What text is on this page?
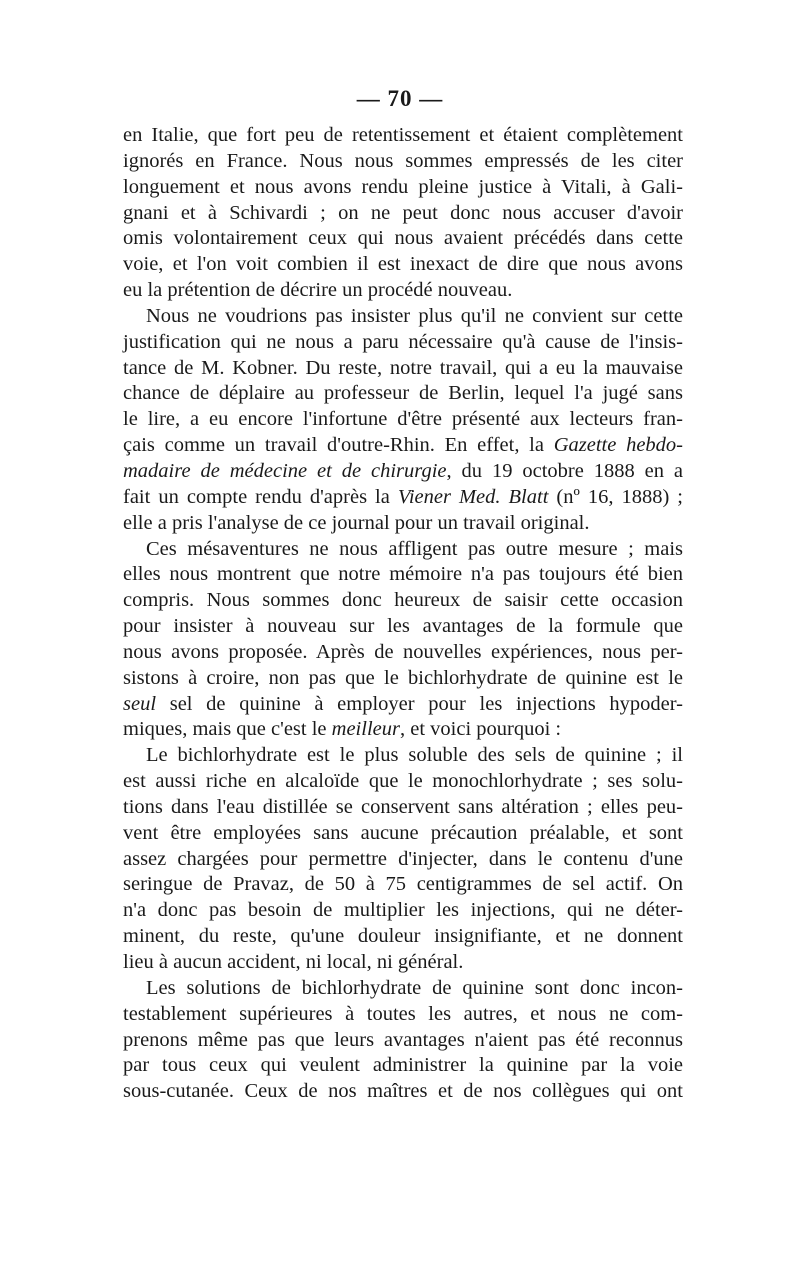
— 70 —
en Italie, que fort peu de retentissement et étaient complètement
ignorés en France. Nous nous sommes empressés de les citer
longuement et nous avons rendu pleine justice à Vitali, à Gali-
gnani et à Schivardi ; on ne peut donc nous accuser d'avoir
omis volontairement ceux qui nous avaient précédés dans cette
voie, et l'on voit combien il est inexact de dire que nous avons
eu la prétention de décrire un procédé nouveau.
Nous ne voudrions pas insister plus qu'il ne convient sur cette
justification qui ne nous a paru nécessaire qu'à cause de l'insis-
tance de M. Kobner. Du reste, notre travail, qui a eu la mauvaise
chance de déplaire au professeur de Berlin, lequel l'a jugé sans
le lire, a eu encore l'infortune d'être présenté aux lecteurs fran-
çais comme un travail d'outre-Rhin. En effet, la Gazette hebdo-
madaire de médecine et de chirurgie, du 19 octobre 1888 en a
fait un compte rendu d'après la Viener Med. Blatt (nº 16, 1888) ;
elle a pris l'analyse de ce journal pour un travail original.
Ces mésaventures ne nous affligent pas outre mesure ; mais
elles nous montrent que notre mémoire n'a pas toujours été bien
compris. Nous sommes donc heureux de saisir cette occasion
pour insister à nouveau sur les avantages de la formule que
nous avons proposée. Après de nouvelles expériences, nous per-
sistons à croire, non pas que le bichlorhydrate de quinine est le
seul sel de quinine à employer pour les injections hypoder-
miques, mais que c'est le meilleur, et voici pourquoi :
Le bichlorhydrate est le plus soluble des sels de quinine ; il
est aussi riche en alcaloïde que le monochlorhydrate ; ses solu-
tions dans l'eau distillée se conservent sans altération ; elles peu-
vent être employées sans aucune précaution préalable, et sont
assez chargées pour permettre d'injecter, dans le contenu d'une
seringue de Pravaz, de 50 à 75 centigrammes de sel actif. On
n'a donc pas besoin de multiplier les injections, qui ne déter-
minent, du reste, qu'une douleur insignifiante, et ne donnent
lieu à aucun accident, ni local, ni général.
Les solutions de bichlorhydrate de quinine sont donc incon-
testablement supérieures à toutes les autres, et nous ne com-
prenons même pas que leurs avantages n'aient pas été reconnus
par tous ceux qui veulent administrer la quinine par la voie
sous-cutanée. Ceux de nos maîtres et de nos collègues qui ont
